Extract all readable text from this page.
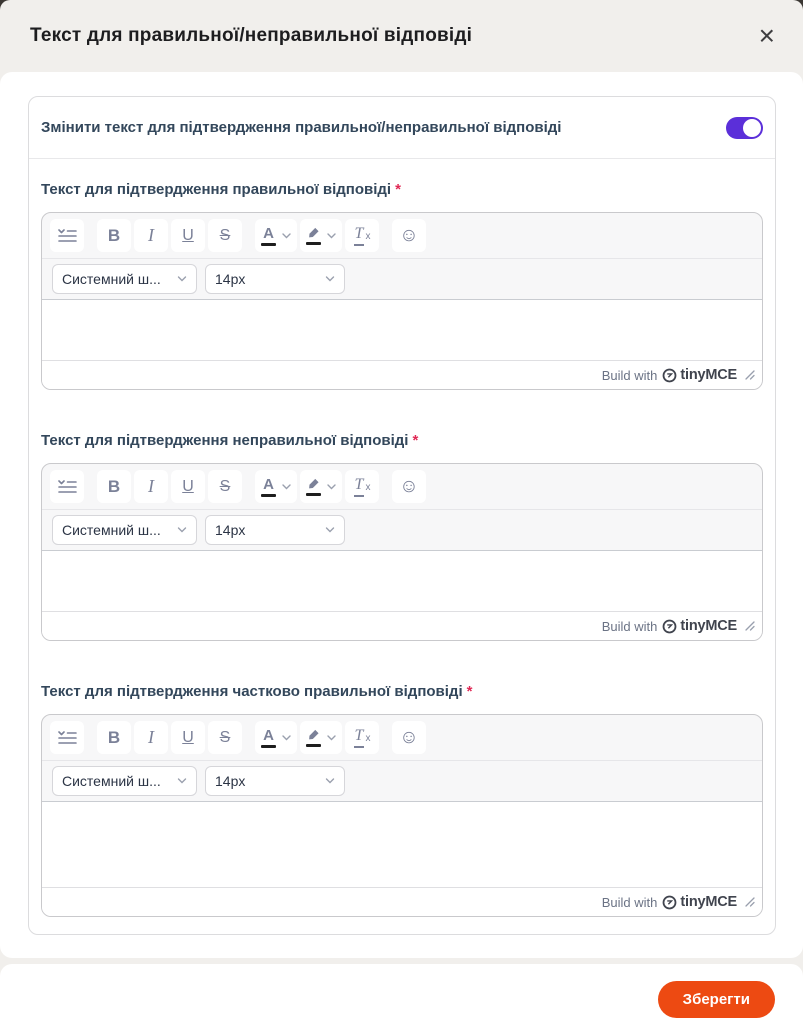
Текст для правильної/неправильної відповіді	×
Змінити текст для підтвердження правильної/неправильної відповіді
Текст для підтвердження правильної відповіді *
B	I	U	S	A	T x	☺
Системний ш...	14px
Build with tinyMCE
Текст для підтвердження неправильної відповіді *
B	I	U	S	A	T x	☺
Системний ш...	14px
Build with tinyMCE
Текст для підтвердження частково правильної відповіді *
B	I	U	S	A	T x	☺
Системний ш...	14px
Build with tinyMCE
Зберегти
